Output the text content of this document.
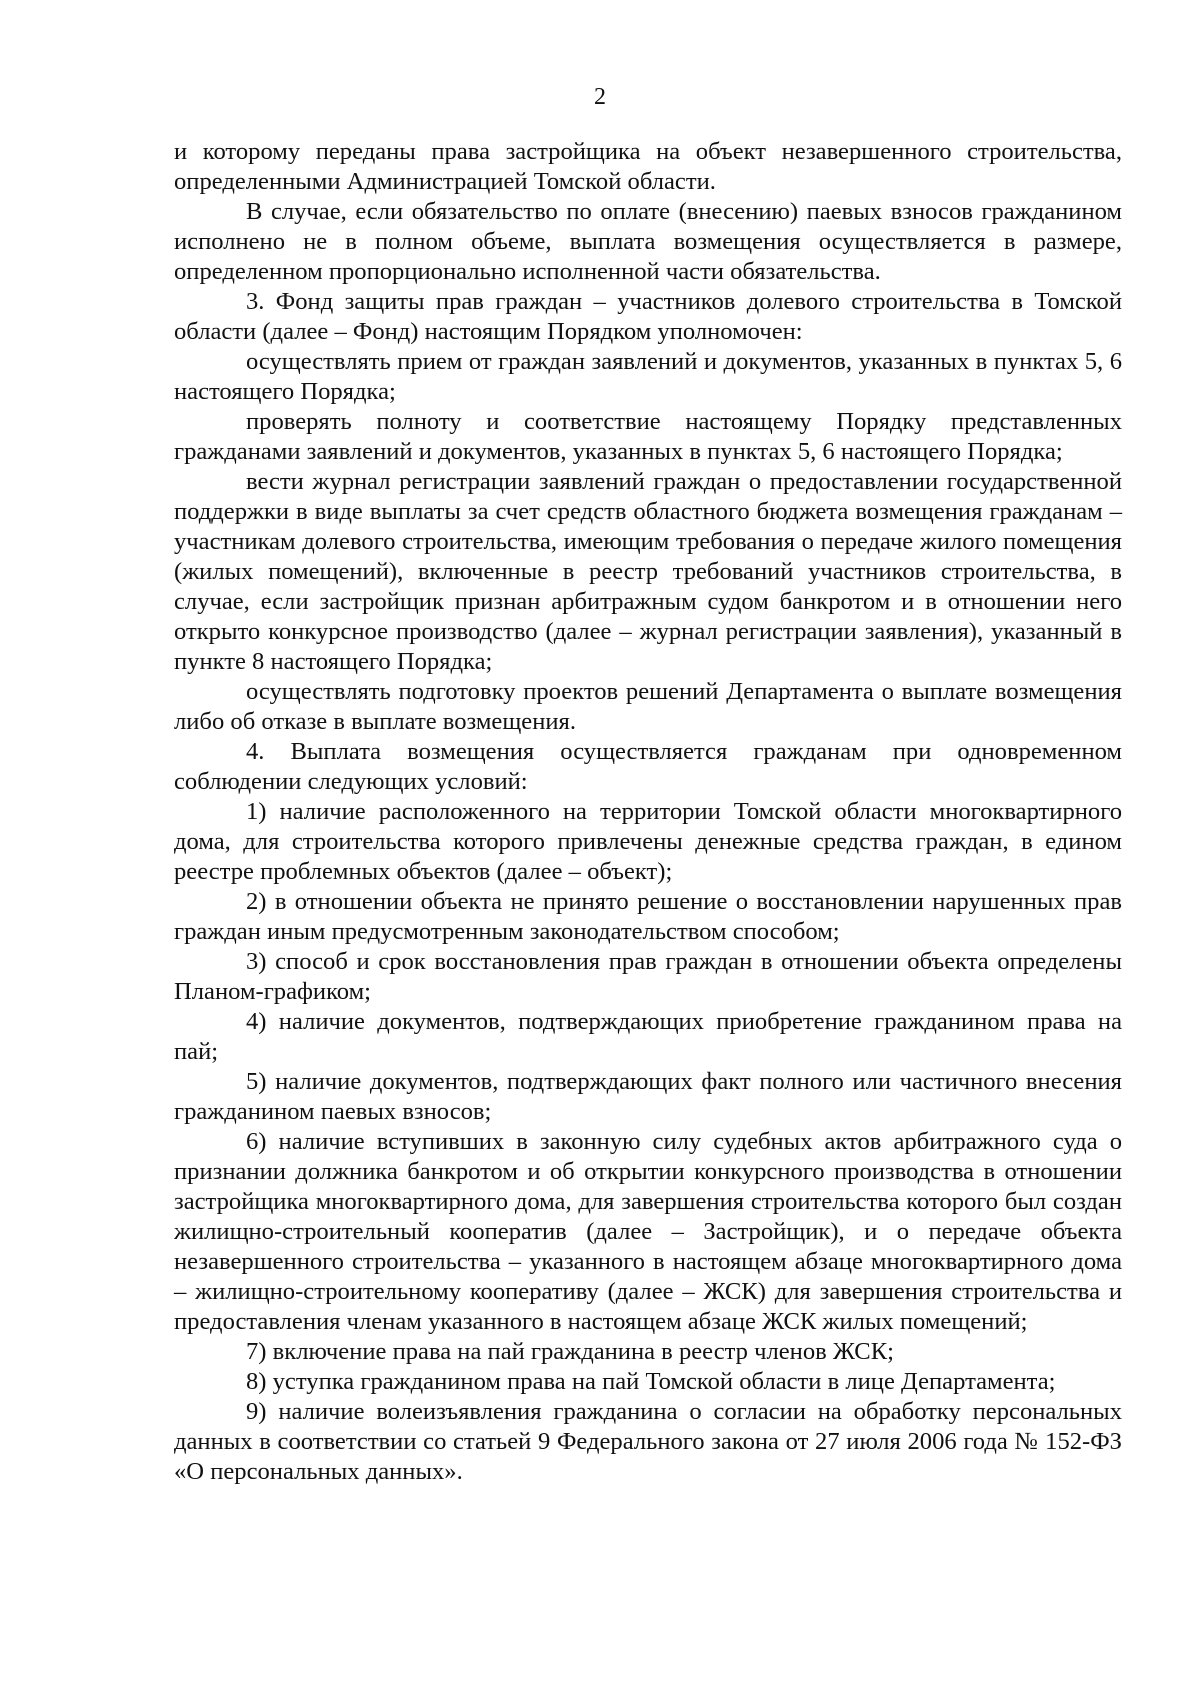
2

и которому переданы права застройщика на объект незавершенного строительства, определенными Администрацией Томской области.

В случае, если обязательство по оплате (внесению) паевых взносов гражданином исполнено не в полном объеме, выплата возмещения осуществляется в размере, определенном пропорционально исполненной части обязательства.

3. Фонд защиты прав граждан – участников долевого строительства в Томской области (далее – Фонд) настоящим Порядком уполномочен:

осуществлять прием от граждан заявлений и документов, указанных в пунктах 5, 6 настоящего Порядка;

проверять полноту и соответствие настоящему Порядку представленных гражданами заявлений и документов, указанных в пунктах 5, 6 настоящего Порядка;

вести журнал регистрации заявлений граждан о предоставлении государственной поддержки в виде выплаты за счет средств областного бюджета возмещения гражданам – участникам долевого строительства, имеющим требования о передаче жилого помещения (жилых помещений), включенные в реестр требований участников строительства, в случае, если застройщик признан арбитражным судом банкротом и в отношении него открыто конкурсное производство (далее – журнал регистрации заявления), указанный в пункте 8 настоящего Порядка;

осуществлять подготовку проектов решений Департамента о выплате возмещения либо об отказе в выплате возмещения.

4. Выплата возмещения осуществляется гражданам при одновременном соблюдении следующих условий:

1) наличие расположенного на территории Томской области многоквартирного дома, для строительства которого привлечены денежные средства граждан, в едином реестре проблемных объектов (далее – объект);

2) в отношении объекта не принято решение о восстановлении нарушенных прав граждан иным предусмотренным законодательством способом;

3) способ и срок восстановления прав граждан в отношении объекта определены Планом-графиком;

4) наличие документов, подтверждающих приобретение гражданином права на пай;

5) наличие документов, подтверждающих факт полного или частичного внесения гражданином паевых взносов;

6) наличие вступивших в законную силу судебных актов арбитражного суда о признании должника банкротом и об открытии конкурсного производства в отношении застройщика многоквартирного дома, для завершения строительства которого был создан жилищно-строительный кооператив (далее – Застройщик), и о передаче объекта незавершенного строительства – указанного в настоящем абзаце многоквартирного дома – жилищно-строительному кооперативу (далее – ЖСК) для завершения строительства и предоставления членам указанного в настоящем абзаце ЖСК жилых помещений;

7) включение права на пай гражданина в реестр членов ЖСК;

8) уступка гражданином права на пай Томской области в лице Департамента;

9) наличие волеизъявления гражданина о согласии на обработку персональных данных в соответствии со статьей 9 Федерального закона от 27 июля 2006 года № 152-ФЗ «О персональных данных».
